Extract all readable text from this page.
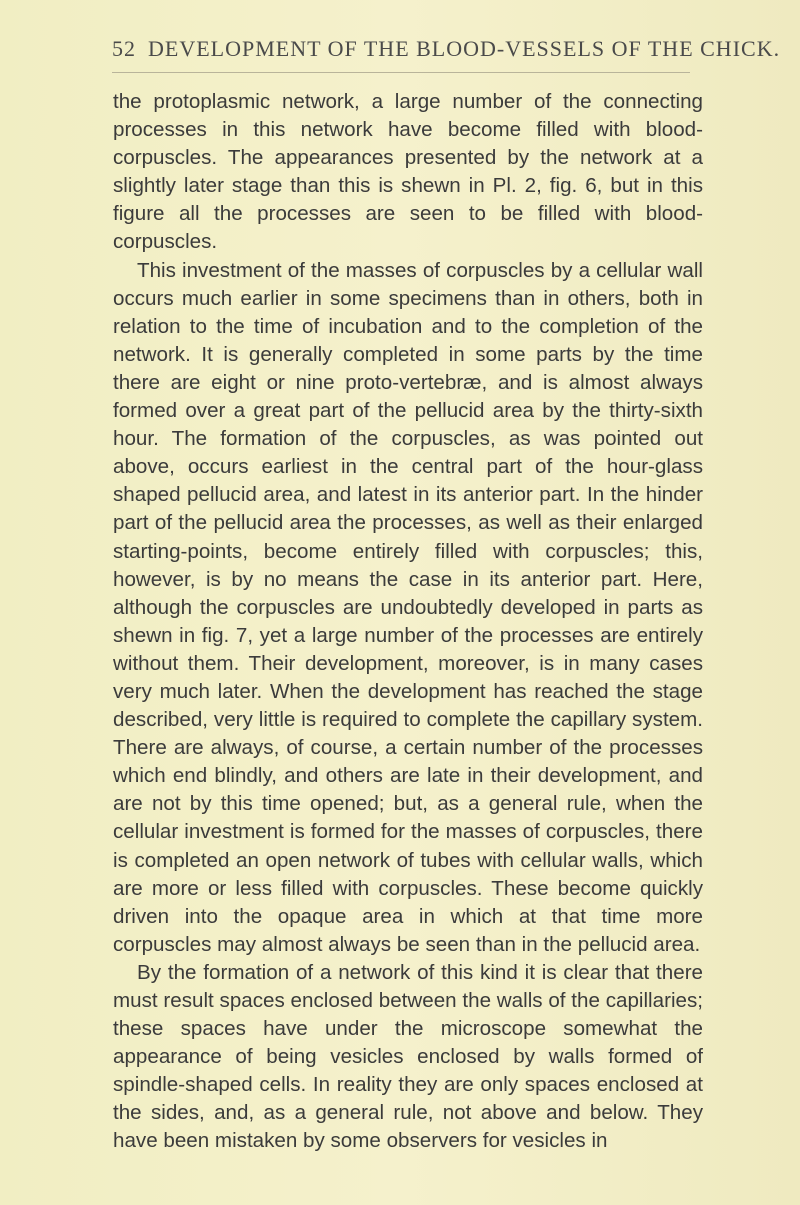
52 DEVELOPMENT OF THE BLOOD-VESSELS OF THE CHICK.

the protoplasmic network, a large number of the connecting processes in this network have become filled with blood-corpuscles. The appearances presented by the network at a slightly later stage than this is shewn in Pl. 2, fig. 6, but in this figure all the processes are seen to be filled with blood-corpuscles.

This investment of the masses of corpuscles by a cellular wall occurs much earlier in some specimens than in others, both in relation to the time of incubation and to the completion of the network. It is generally completed in some parts by the time there are eight or nine proto-vertebræ, and is almost always formed over a great part of the pellucid area by the thirty-sixth hour. The formation of the corpuscles, as was pointed out above, occurs earliest in the central part of the hour-glass shaped pellucid area, and latest in its anterior part. In the hinder part of the pellucid area the processes, as well as their enlarged starting-points, become entirely filled with corpuscles; this, however, is by no means the case in its anterior part. Here, although the corpuscles are undoubtedly developed in parts as shewn in fig. 7, yet a large number of the processes are entirely without them. Their development, moreover, is in many cases very much later. When the development has reached the stage described, very little is required to complete the capillary system. There are always, of course, a certain number of the processes which end blindly, and others are late in their development, and are not by this time opened; but, as a general rule, when the cellular investment is formed for the masses of corpuscles, there is completed an open network of tubes with cellular walls, which are more or less filled with corpuscles. These become quickly driven into the opaque area in which at that time more corpuscles may almost always be seen than in the pellucid area.

By the formation of a network of this kind it is clear that there must result spaces enclosed between the walls of the capillaries; these spaces have under the microscope somewhat the appearance of being vesicles enclosed by walls formed of spindle-shaped cells. In reality they are only spaces enclosed at the sides, and, as a general rule, not above and below. They have been mistaken by some observers for vesicles in
